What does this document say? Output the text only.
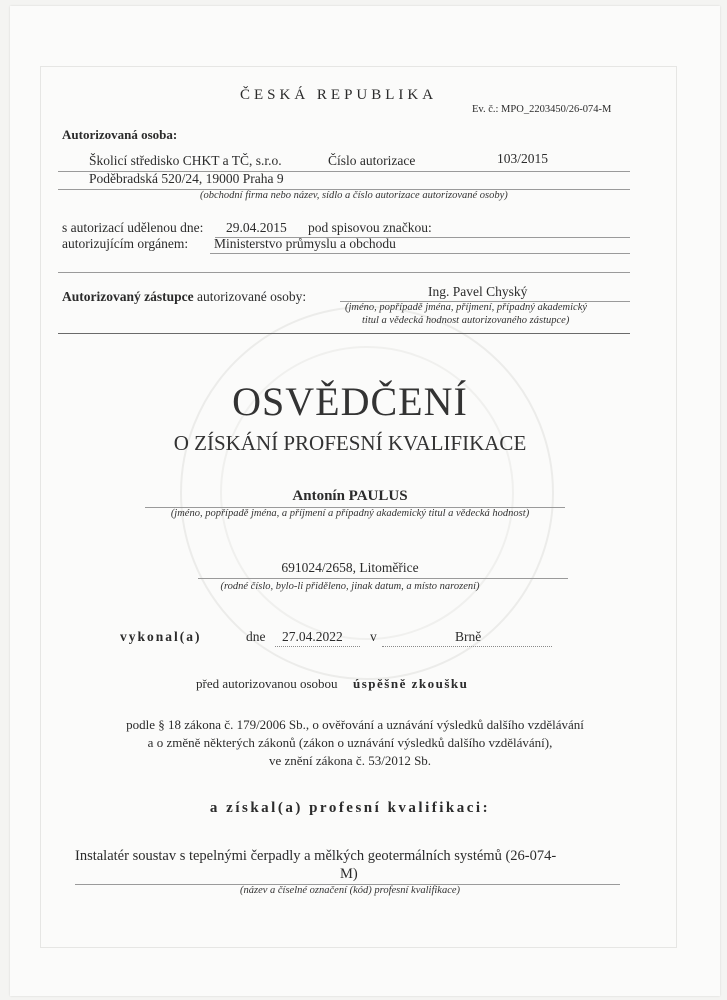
ČESKÁ REPUBLIKA
Ev. č.: MPO_2203450/26-074-M
Autorizovaná osoba:
Školicí středisko CHKT a TČ, s.r.o.	Číslo autorizace	103/2015
Poděbradská 520/24, 19000 Praha 9
(obchodní firma nebo název, sídlo a číslo autorizace autorizované osoby)
s autorizací udělenou dne: 29.04.2015 pod spisovou značkou:
autorizujícím orgánem: Ministerstvo průmyslu a obchodu
Autorizovaný zástupce autorizované osoby:	Ing. Pavel Chyský
(jméno, popřípadě jména, příjmení, případný akademický
titul a vědecká hodnost autorizovaného zástupce)
OSVĚDČENÍ
O ZÍSKÁNÍ PROFESNÍ KVALIFIKACE
Antonín PAULUS
(jméno, popřípadě jména, a příjmení a případný akademický titul a vědecká hodnost)
691024/2658, Litoměřice
(rodné číslo, bylo-li přiděleno, jinak datum, a místo narození)
vykonal(a)	dne 27.04.2022 v	Brně
před autorizovanou osobou úspěšně zkoušku
podle § 18 zákona č. 179/2006 Sb., o ověřování a uznávání výsledků dalšího vzdělávání
a o změně některých zákonů (zákon o uznávání výsledků dalšího vzdělávání),
ve znění zákona č. 53/2012 Sb.
a získal(a) profesní kvalifikaci:
Instalatér soustav s tepelnými čerpadly a mělkých geotermálních systémů (26-074-
M)
(název a číselné označení (kód) profesní kvalifikace)
